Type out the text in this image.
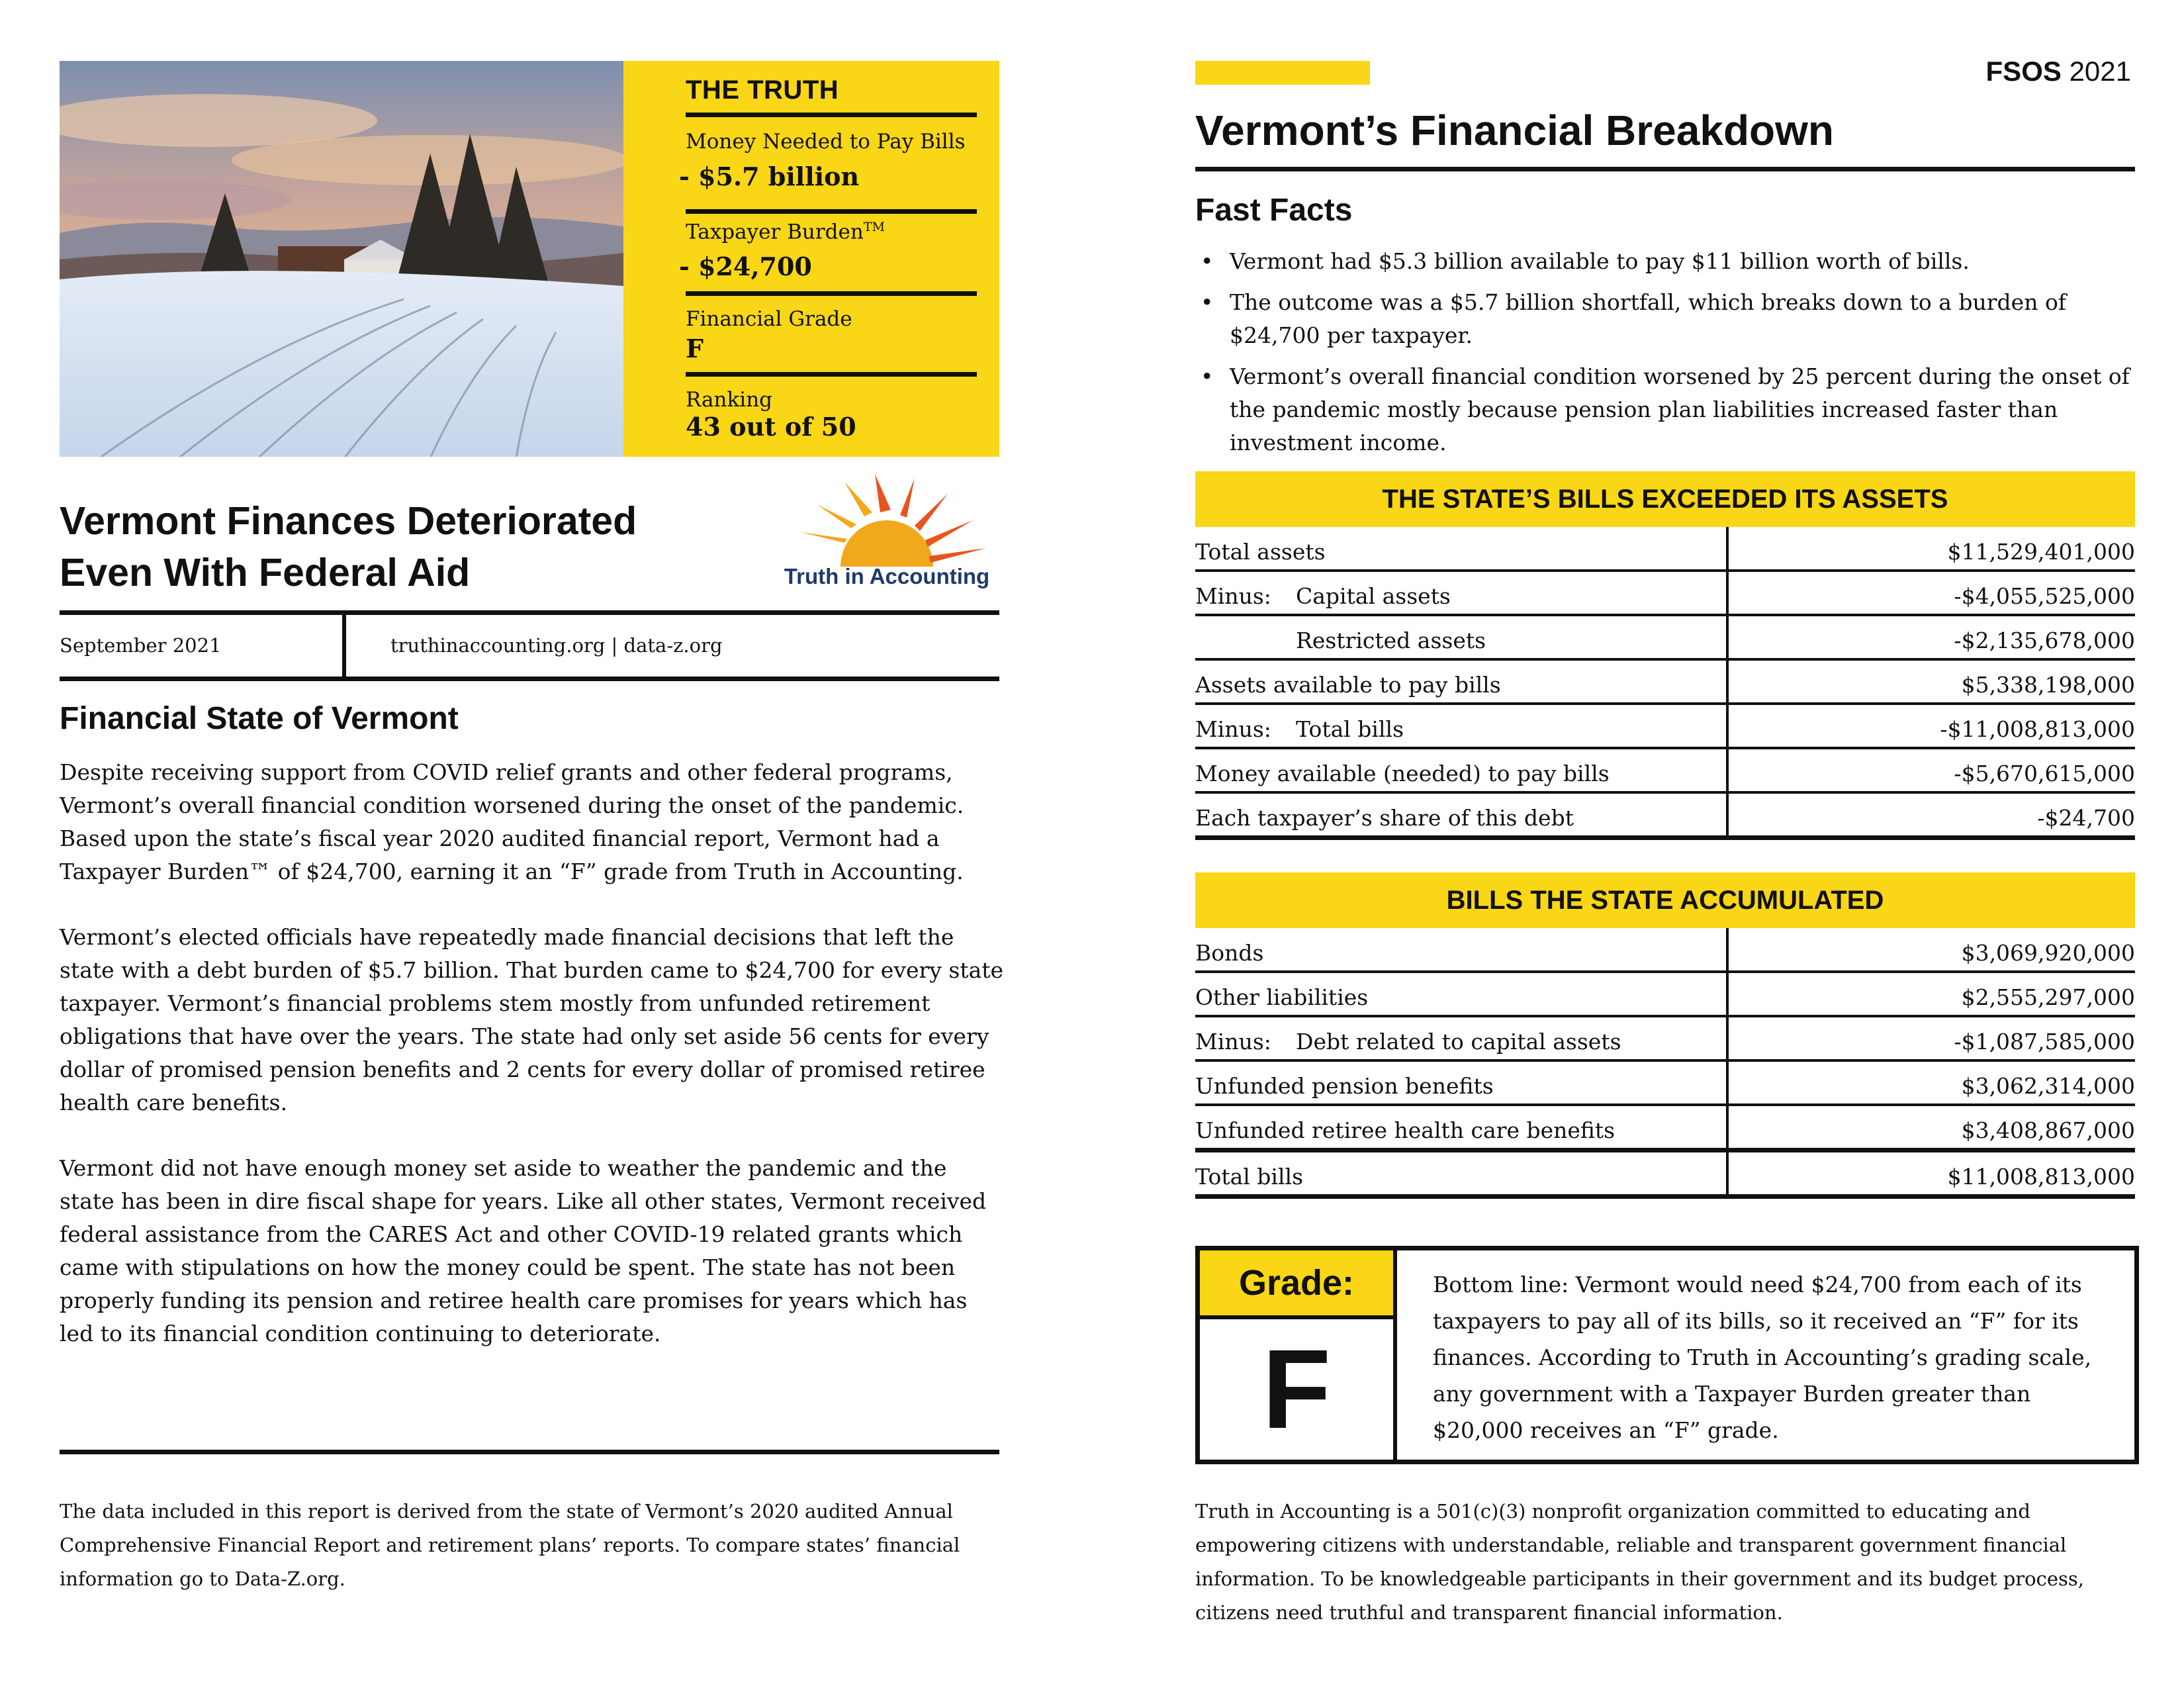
THE TRUTH
Money Needed to Pay Bills
- $5.7 billion
Taxpayer Burden™
- $24,700
Financial Grade
F
Ranking
43 out of 50
Vermont Finances Deteriorated
Even With Federal Aid	Truth in Accounting
September 2021	truthinaccounting.org | data-z.org
Financial State of Vermont

Despite receiving support from COVID relief grants and other federal programs, Vermont’s overall financial condition worsened during the onset of the pandemic. Based upon the state’s fiscal year 2020 audited financial report, Vermont had a Taxpayer Burden™ of $24,700, earning it an “F” grade from Truth in Accounting.

Vermont’s elected officials have repeatedly made financial decisions that left the state with a debt burden of $5.7 billion. That burden came to $24,700 for every state taxpayer. Vermont’s financial problems stem mostly from unfunded retirement obligations that have over the years. The state had only set aside 56 cents for every dollar of promised pension benefits and 2 cents for every dollar of promised retiree health care benefits.

Vermont did not have enough money set aside to weather the pandemic and the state has been in dire fiscal shape for years. Like all other states, Vermont received federal assistance from the CARES Act and other COVID-19 related grants which came with stipulations on how the money could be spent. The state has not been properly funding its pension and retiree health care promises for years which has led to its financial condition continuing to deteriorate.

The data included in this report is derived from the state of Vermont’s 2020 audited Annual Comprehensive Financial Report and retirement plans’ reports. To compare states’ financial information go to Data-Z.org.
FSOS 2021
Vermont’s Financial Breakdown
Fast Facts
• Vermont had $5.3 billion available to pay $11 billion worth of bills.
• The outcome was a $5.7 billion shortfall, which breaks down to a burden of $24,700 per taxpayer.
• Vermont’s overall financial condition worsened by 25 percent during the onset of the pandemic mostly because pension plan liabilities increased faster than investment income.
THE STATE’S BILLS EXCEEDED ITS ASSETS
Total assets	$11,529,401,000
Minus: Capital assets	-$4,055,525,000
Restricted assets	-$2,135,678,000
Assets available to pay bills	$5,338,198,000
Minus: Total bills	-$11,008,813,000
Money available (needed) to pay bills	-$5,670,615,000
Each taxpayer’s share of this debt	-$24,700
BILLS THE STATE ACCUMULATED
Bonds	$3,069,920,000
Other liabilities	$2,555,297,000
Minus: Debt related to capital assets	-$1,087,585,000
Unfunded pension benefits	$3,062,314,000
Unfunded retiree health care benefits	$3,408,867,000
Total bills	$11,008,813,000
Grade:
F
Bottom line: Vermont would need $24,700 from each of its taxpayers to pay all of its bills, so it received an “F” for its finances. According to Truth in Accounting’s grading scale, any government with a Taxpayer Burden greater than $20,000 receives an “F” grade.
Truth in Accounting is a 501(c)(3) nonprofit organization committed to educating and empowering citizens with understandable, reliable and transparent government financial information. To be knowledgeable participants in their government and its budget process, citizens need truthful and transparent financial information.
